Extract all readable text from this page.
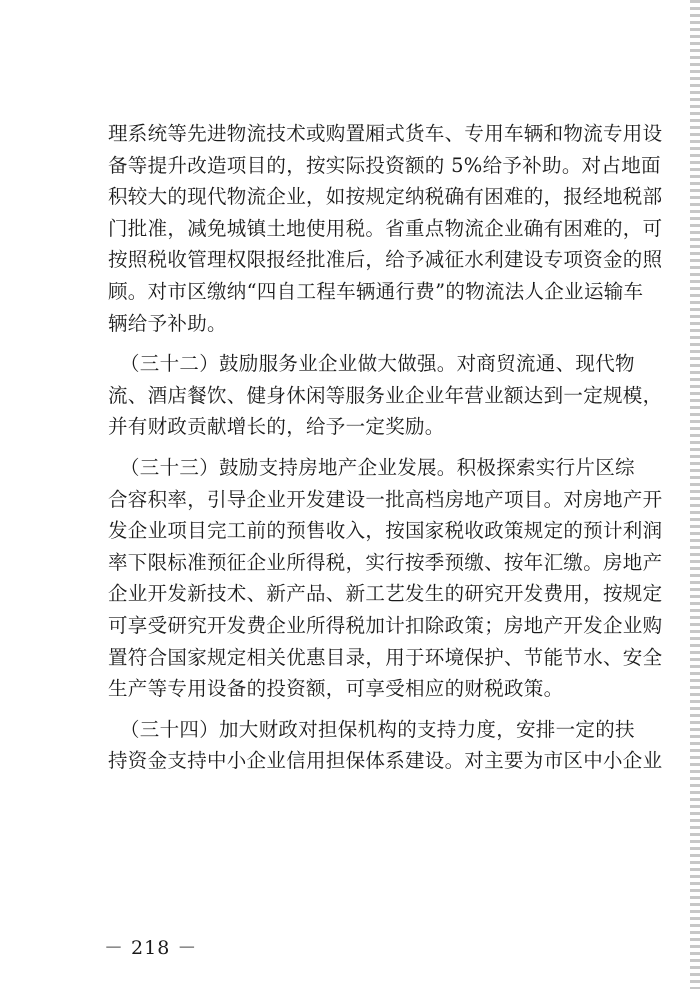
理系统等先进物流技术或购置厢式货车、专用车辆和物流专用设
备等提升改造项目的，按实际投资额的 5%给予补助。对占地面
积较大的现代物流企业，如按规定纳税确有困难的，报经地税部
门批准，减免城镇土地使用税。省重点物流企业确有困难的，可
按照税收管理权限报经批准后，给予减征水利建设专项资金的照
顾。对市区缴纳“四自工程车辆通行费”的物流法人企业运输车
辆给予补助。
（三十二）鼓励服务业企业做大做强。对商贸流通、现代物
流、酒店餐饮、健身休闲等服务业企业年营业额达到一定规模，
并有财政贡献增长的，给予一定奖励。
（三十三）鼓励支持房地产企业发展。积极探索实行片区综
合容积率，引导企业开发建设一批高档房地产项目。对房地产开
发企业项目完工前的预售收入，按国家税收政策规定的预计利润
率下限标准预征企业所得税，实行按季预缴、按年汇缴。房地产
企业开发新技术、新产品、新工艺发生的研究开发费用，按规定
可享受研究开发费企业所得税加计扣除政策；房地产开发企业购
置符合国家规定相关优惠目录，用于环境保护、节能节水、安全
生产等专用设备的投资额，可享受相应的财税政策。
（三十四）加大财政对担保机构的支持力度，安排一定的扶
持资金支持中小企业信用担保体系建设。对主要为市区中小企业
－ 218 －
